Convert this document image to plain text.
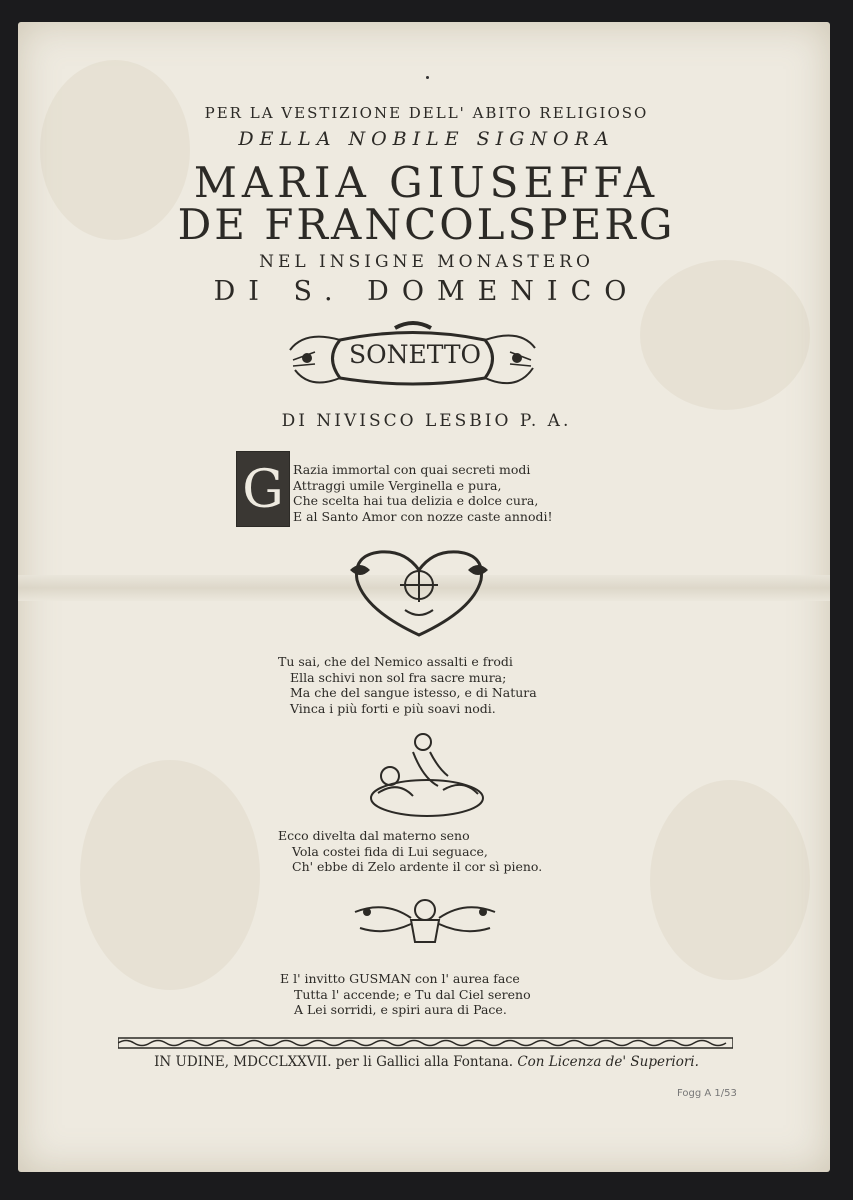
PER LA VESTIZIONE DELL' ABITO RELIGIOSO

DELLA NOBILE SIGNORA

MARIA GIUSEFFA

DE FRANCOLSPERG

NEL INSIGNE MONASTERO

DI S. DOMENICO

SONETTO

DI NIVISCO LESBIO P. A.

G Razia immortal con quai secreti modi
Attraggi umile Verginella e pura,
Che scelta hai tua delizia e dolce cura,
E al Santo Amor con nozze caste annodi!
Tu sai, che del Nemico assalti e frodi
Ella schivi non sol fra sacre mura;
Ma che del sangue istesso, e di Natura
Vinca i più forti e più soavi nodi.
Ecco divelta dal materno seno
Vola costei fida di Lui seguace,
Ch' ebbe di Zelo ardente il cor sì pieno.
E l' invitto GUSMAN con l' aurea face
Tutta l' accende; e Tu dal Ciel sereno
A Lei sorridi, e spiri aura di Pace.

IN UDINE, MDCCLXXVII. per li Gallici alla Fontana. Con Licenza de' Superiori.

Fogg A 1/53
